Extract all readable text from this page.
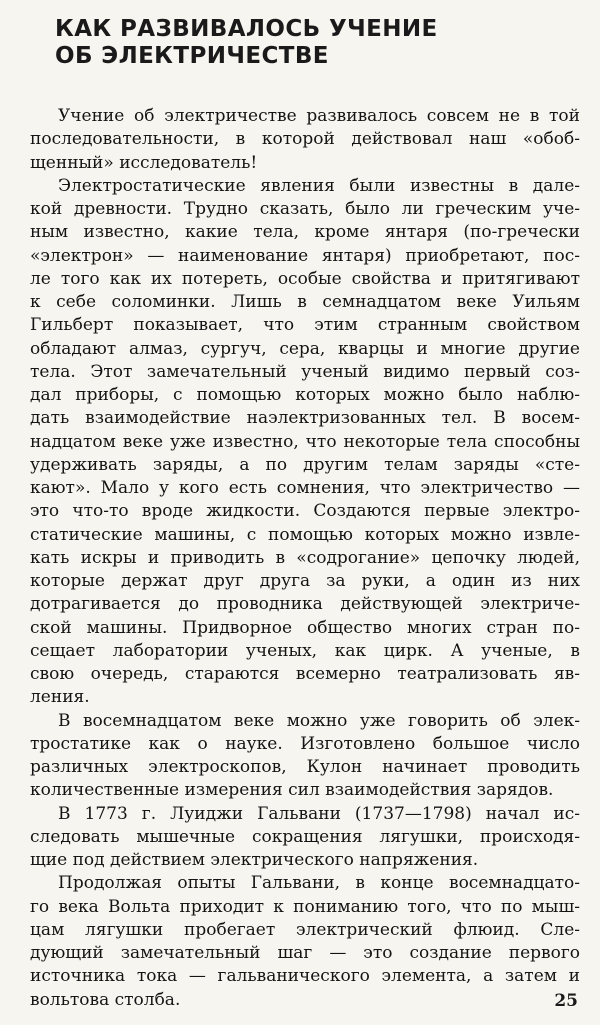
КАК РАЗВИВАЛОСЬ УЧЕНИЕ
ОБ ЭЛЕКТРИЧЕСТВЕ
Учение об электричестве развивалось совсем не в той
последовательности, в которой действовал наш «обоб-
щенный» исследователь!
Электростатические явления были известны в дале-
кой древности. Трудно сказать, было ли греческим уче-
ным известно, какие тела, кроме янтаря (по-гречески
«электрон» — наименование янтаря) приобретают, пос-
ле того как их потереть, особые свойства и притягивают
к себе соломинки. Лишь в семнадцатом веке Уильям
Гильберт показывает, что этим странным свойством
обладают алмаз, сургуч, сера, кварцы и многие другие
тела. Этот замечательный ученый видимо первый соз-
дал приборы, с помощью которых можно было наблю-
дать взаимодействие наэлектризованных тел. В восем-
надцатом веке уже известно, что некоторые тела способны
удерживать заряды, а по другим телам заряды «сте-
кают». Мало у кого есть сомнения, что электричество —
это что-то вроде жидкости. Создаются первые электро-
статические машины, с помощью которых можно извле-
кать искры и приводить в «содрогание» цепочку людей,
которые держат друг друга за руки, а один из них
дотрагивается до проводника действующей электриче-
ской машины. Придворное общество многих стран по-
сещает лаборатории ученых, как цирк. А ученые, в
свою очередь, стараются всемерно театрализовать яв-
ления.
В восемнадцатом веке можно уже говорить об элек-
тростатике как о науке. Изготовлено большое число
различных электроскопов, Кулон начинает проводить
количественные измерения сил взаимодействия зарядов.
В 1773 г. Луиджи Гальвани (1737—1798) начал ис-
следовать мышечные сокращения лягушки, происходя-
щие под действием электрического напряжения.
Продолжая опыты Гальвани, в конце восемнадцато-
го века Вольта приходит к пониманию того, что по мыш-
цам лягушки пробегает электрический флюид. Сле-
дующий замечательный шаг — это создание первого
источника тока — гальванического элемента, а затем и
вольтова столба.	25
